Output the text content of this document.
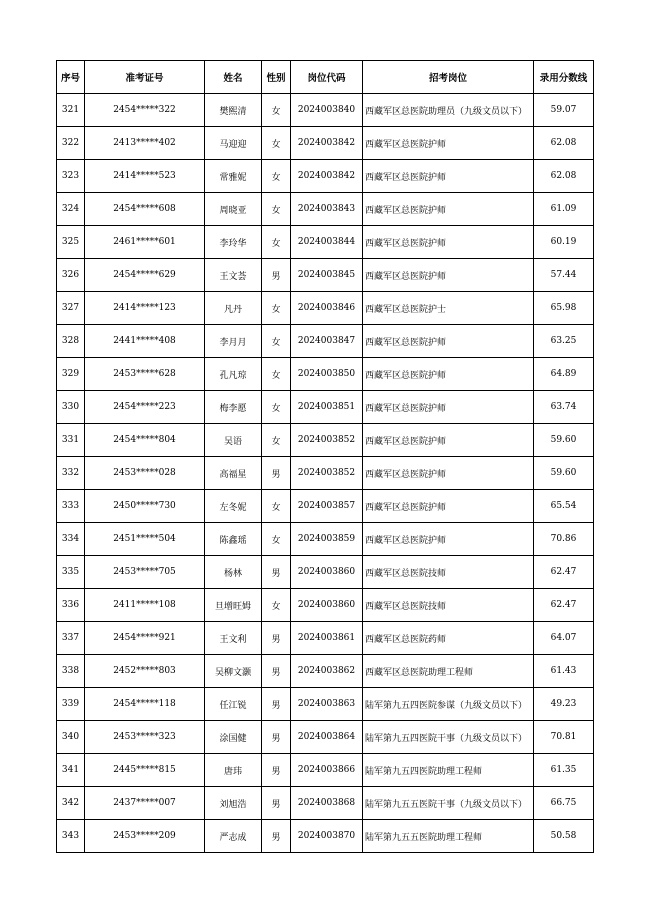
序号	准考证号	姓名	性别	岗位代码	招考岗位	录用分数线
321	2454*****322	樊熙清	女	2024003840	西藏军区总医院助理员（九级文员以下）	59.07
322	2413*****402	马迎迎	女	2024003842	西藏军区总医院护师	62.08
323	2414*****523	常雅妮	女	2024003842	西藏军区总医院护师	62.08
324	2454*****608	周晓亚	女	2024003843	西藏军区总医院护师	61.09
325	2461*****601	李玲华	女	2024003844	西藏军区总医院护师	60.19
326	2454*****629	王文荟	男	2024003845	西藏军区总医院护师	57.44
327	2414*****123	凡丹	女	2024003846	西藏军区总医院护士	65.98
328	2441*****408	李月月	女	2024003847	西藏军区总医院护师	63.25
329	2453*****628	孔凡琼	女	2024003850	西藏军区总医院护师	64.89
330	2454*****223	梅李愿	女	2024003851	西藏军区总医院护师	63.74
331	2454*****804	吴语	女	2024003852	西藏军区总医院护师	59.60
332	2453*****028	高福星	男	2024003852	西藏军区总医院护师	59.60
333	2450*****730	左冬妮	女	2024003857	西藏军区总医院护师	65.54
334	2451*****504	陈鑫瑶	女	2024003859	西藏军区总医院护师	70.86
335	2453*****705	杨林	男	2024003860	西藏军区总医院技师	62.47
336	2411*****108	旦增旺姆	女	2024003860	西藏军区总医院技师	62.47
337	2454*****921	王文利	男	2024003861	西藏军区总医院药师	64.07
338	2452*****803	吴柳文灏	男	2024003862	西藏军区总医院助理工程师	61.43
339	2454*****118	任江锐	男	2024003863	陆军第九五四医院参谋（九级文员以下）	49.23
340	2453*****323	涂国健	男	2024003864	陆军第九五四医院干事（九级文员以下）	70.81
341	2445*****815	唐玮	男	2024003866	陆军第九五四医院助理工程师	61.35
342	2437*****007	刘旭浩	男	2024003868	陆军第九五五医院干事（九级文员以下）	66.75
343	2453*****209	严志成	男	2024003870	陆军第九五五医院助理工程师	50.58
